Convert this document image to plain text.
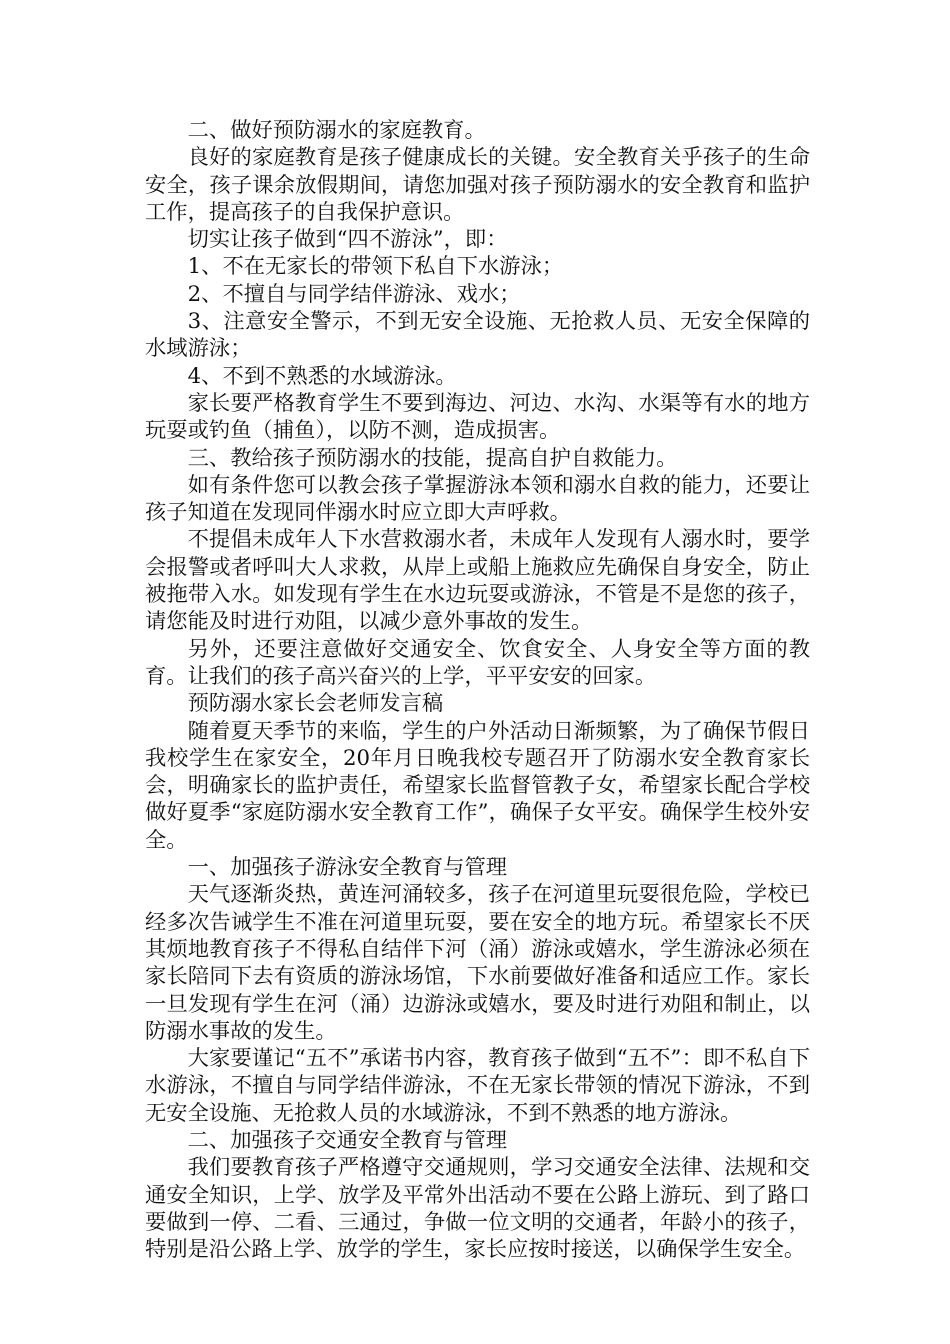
二、做好预防溺水的家庭教育。

良好的家庭教育是孩子健康成长的关键。安全教育关乎孩子的生命安全，孩子课余放假期间，请您加强对孩子预防溺水的安全教育和监护工作，提高孩子的自我保护意识。

切实让孩子做到“四不游泳”，即：

1、不在无家长的带领下私自下水游泳；

2、不擅自与同学结伴游泳、戏水；

3、注意安全警示，不到无安全设施、无抢救人员、无安全保障的水域游泳；

4、不到不熟悉的水域游泳。

家长要严格教育学生不要到海边、河边、水沟、水渠等有水的地方玩耍或钓鱼（捕鱼），以防不测，造成损害。

三、教给孩子预防溺水的技能，提高自护自救能力。

如有条件您可以教会孩子掌握游泳本领和溺水自救的能力，还要让孩子知道在发现同伴溺水时应立即大声呼救。

不提倡未成年人下水营救溺水者，未成年人发现有人溺水时，要学会报警或者呼叫大人求救，从岸上或船上施救应先确保自身安全，防止被拖带入水。如发现有学生在水边玩耍或游泳，不管是不是您的孩子，请您能及时进行劝阻，以减少意外事故的发生。

另外，还要注意做好交通安全、饮食安全、人身安全等方面的教育。让我们的孩子高兴奋兴的上学，平平安安的回家。

预防溺水家长会老师发言稿

随着夏天季节的来临，学生的户外活动日渐频繁，为了确保节假日我校学生在家安全，20年月日晚我校专题召开了防溺水安全教育家长会，明确家长的监护责任，希望家长监督管教子女，希望家长配合学校做好夏季“家庭防溺水安全教育工作”，确保子女平安。确保学生校外安全。

一、加强孩子游泳安全教育与管理

天气逐渐炎热，黄连河涌较多，孩子在河道里玩耍很危险，学校已经多次告诫学生不准在河道里玩耍，要在安全的地方玩。希望家长不厌其烦地教育孩子不得私自结伴下河（涌）游泳或嬉水，学生游泳必须在家长陪同下去有资质的游泳场馆，下水前要做好准备和适应工作。家长一旦发现有学生在河（涌）边游泳或嬉水，要及时进行劝阻和制止，以防溺水事故的发生。

大家要谨记“五不”承诺书内容，教育孩子做到“五不”：即不私自下水游泳，不擅自与同学结伴游泳，不在无家长带领的情况下游泳，不到无安全设施、无抢救人员的水域游泳，不到不熟悉的地方游泳。

二、加强孩子交通安全教育与管理

我们要教育孩子严格遵守交通规则，学习交通安全法律、法规和交通安全知识，上学、放学及平常外出活动不要在公路上游玩、到了路口要做到一停、二看、三通过，争做一位文明的交通者，年龄小的孩子，特别是沿公路上学、放学的学生，家长应按时接送，以确保学生安全。
